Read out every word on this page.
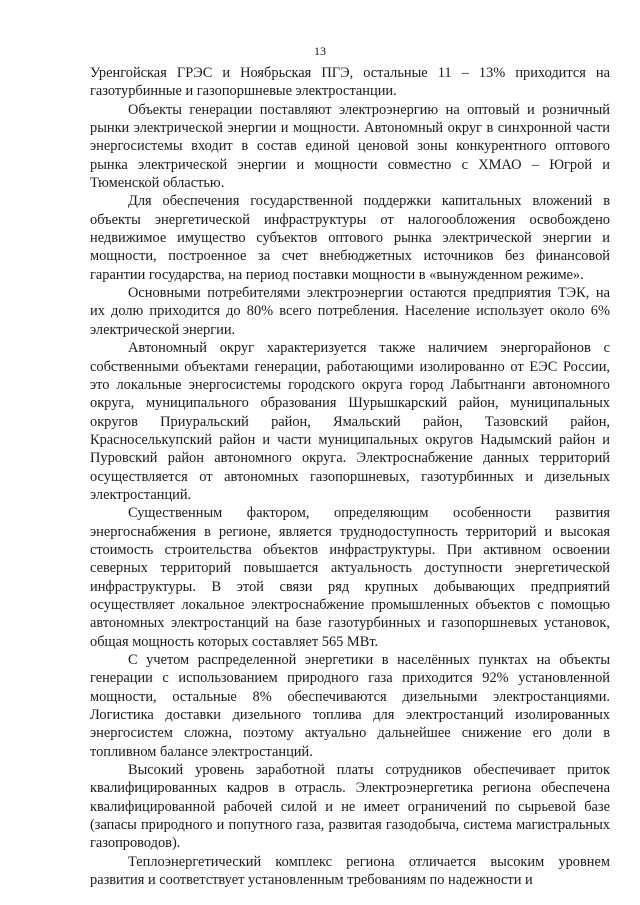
13

Уренгойская ГРЭС и Ноябрьская ПГЭ, остальные 11 – 13% приходится на газотурбинные и газопоршневые электростанции.

Объекты генерации поставляют электроэнергию на оптовый и розничный рынки электрической энергии и мощности. Автономный округ в синхронной части энергосистемы входит в состав единой ценовой зоны конкурентного оптового рынка электрической энергии и мощности совместно с ХМАО – Югрой и Тюменской областью.

Для обеспечения государственной поддержки капитальных вложений в объекты энергетической инфраструктуры от налогообложения освобождено недвижимое имущество субъектов оптового рынка электрической энергии и мощности, построенное за счет внебюджетных источников без финансовой гарантии государства, на период поставки мощности в «вынужденном режиме».

Основными потребителями электроэнергии остаются предприятия ТЭК, на их долю приходится до 80% всего потребления. Население использует около 6% электрической энергии.

Автономный округ характеризуется также наличием энергорайонов с собственными объектами генерации, работающими изолированно от ЕЭС России, это локальные энергосистемы городского округа город Лабытнанги автономного округа, муниципального образования Шурышкарский район, муниципальных округов Приуральский район, Ямальский район, Тазовский район, Красноселькупский район и части муниципальных округов Надымский район и Пуровский район автономного округа. Электроснабжение данных территорий осуществляется от автономных газопоршневых, газотурбинных и дизельных электростанций.

Существенным фактором, определяющим особенности развития энергоснабжения в регионе, является труднодоступность территорий и высокая стоимость строительства объектов инфраструктуры. При активном освоении северных территорий повышается актуальность доступности энергетической инфраструктуры. В этой связи ряд крупных добывающих предприятий осуществляет локальное электроснабжение промышленных объектов с помощью автономных электростанций на базе газотурбинных и газопоршневых установок, общая мощность которых составляет 565 МВт.

С учетом распределенной энергетики в населённых пунктах на объекты генерации с использованием природного газа приходится 92% установленной мощности, остальные 8% обеспечиваются дизельными электростанциями. Логистика доставки дизельного топлива для электростанций изолированных энергосистем сложна, поэтому актуально дальнейшее снижение его доли в топливном балансе электростанций.

Высокий уровень заработной платы сотрудников обеспечивает приток квалифицированных кадров в отрасль. Электроэнергетика региона обеспечена квалифицированной рабочей силой и не имеет ограничений по сырьевой базе (запасы природного и попутного газа, развитая газодобыча, система магистральных газопроводов).

Теплоэнергетический комплекс региона отличается высоким уровнем развития и соответствует установленным требованиям по надежности и
